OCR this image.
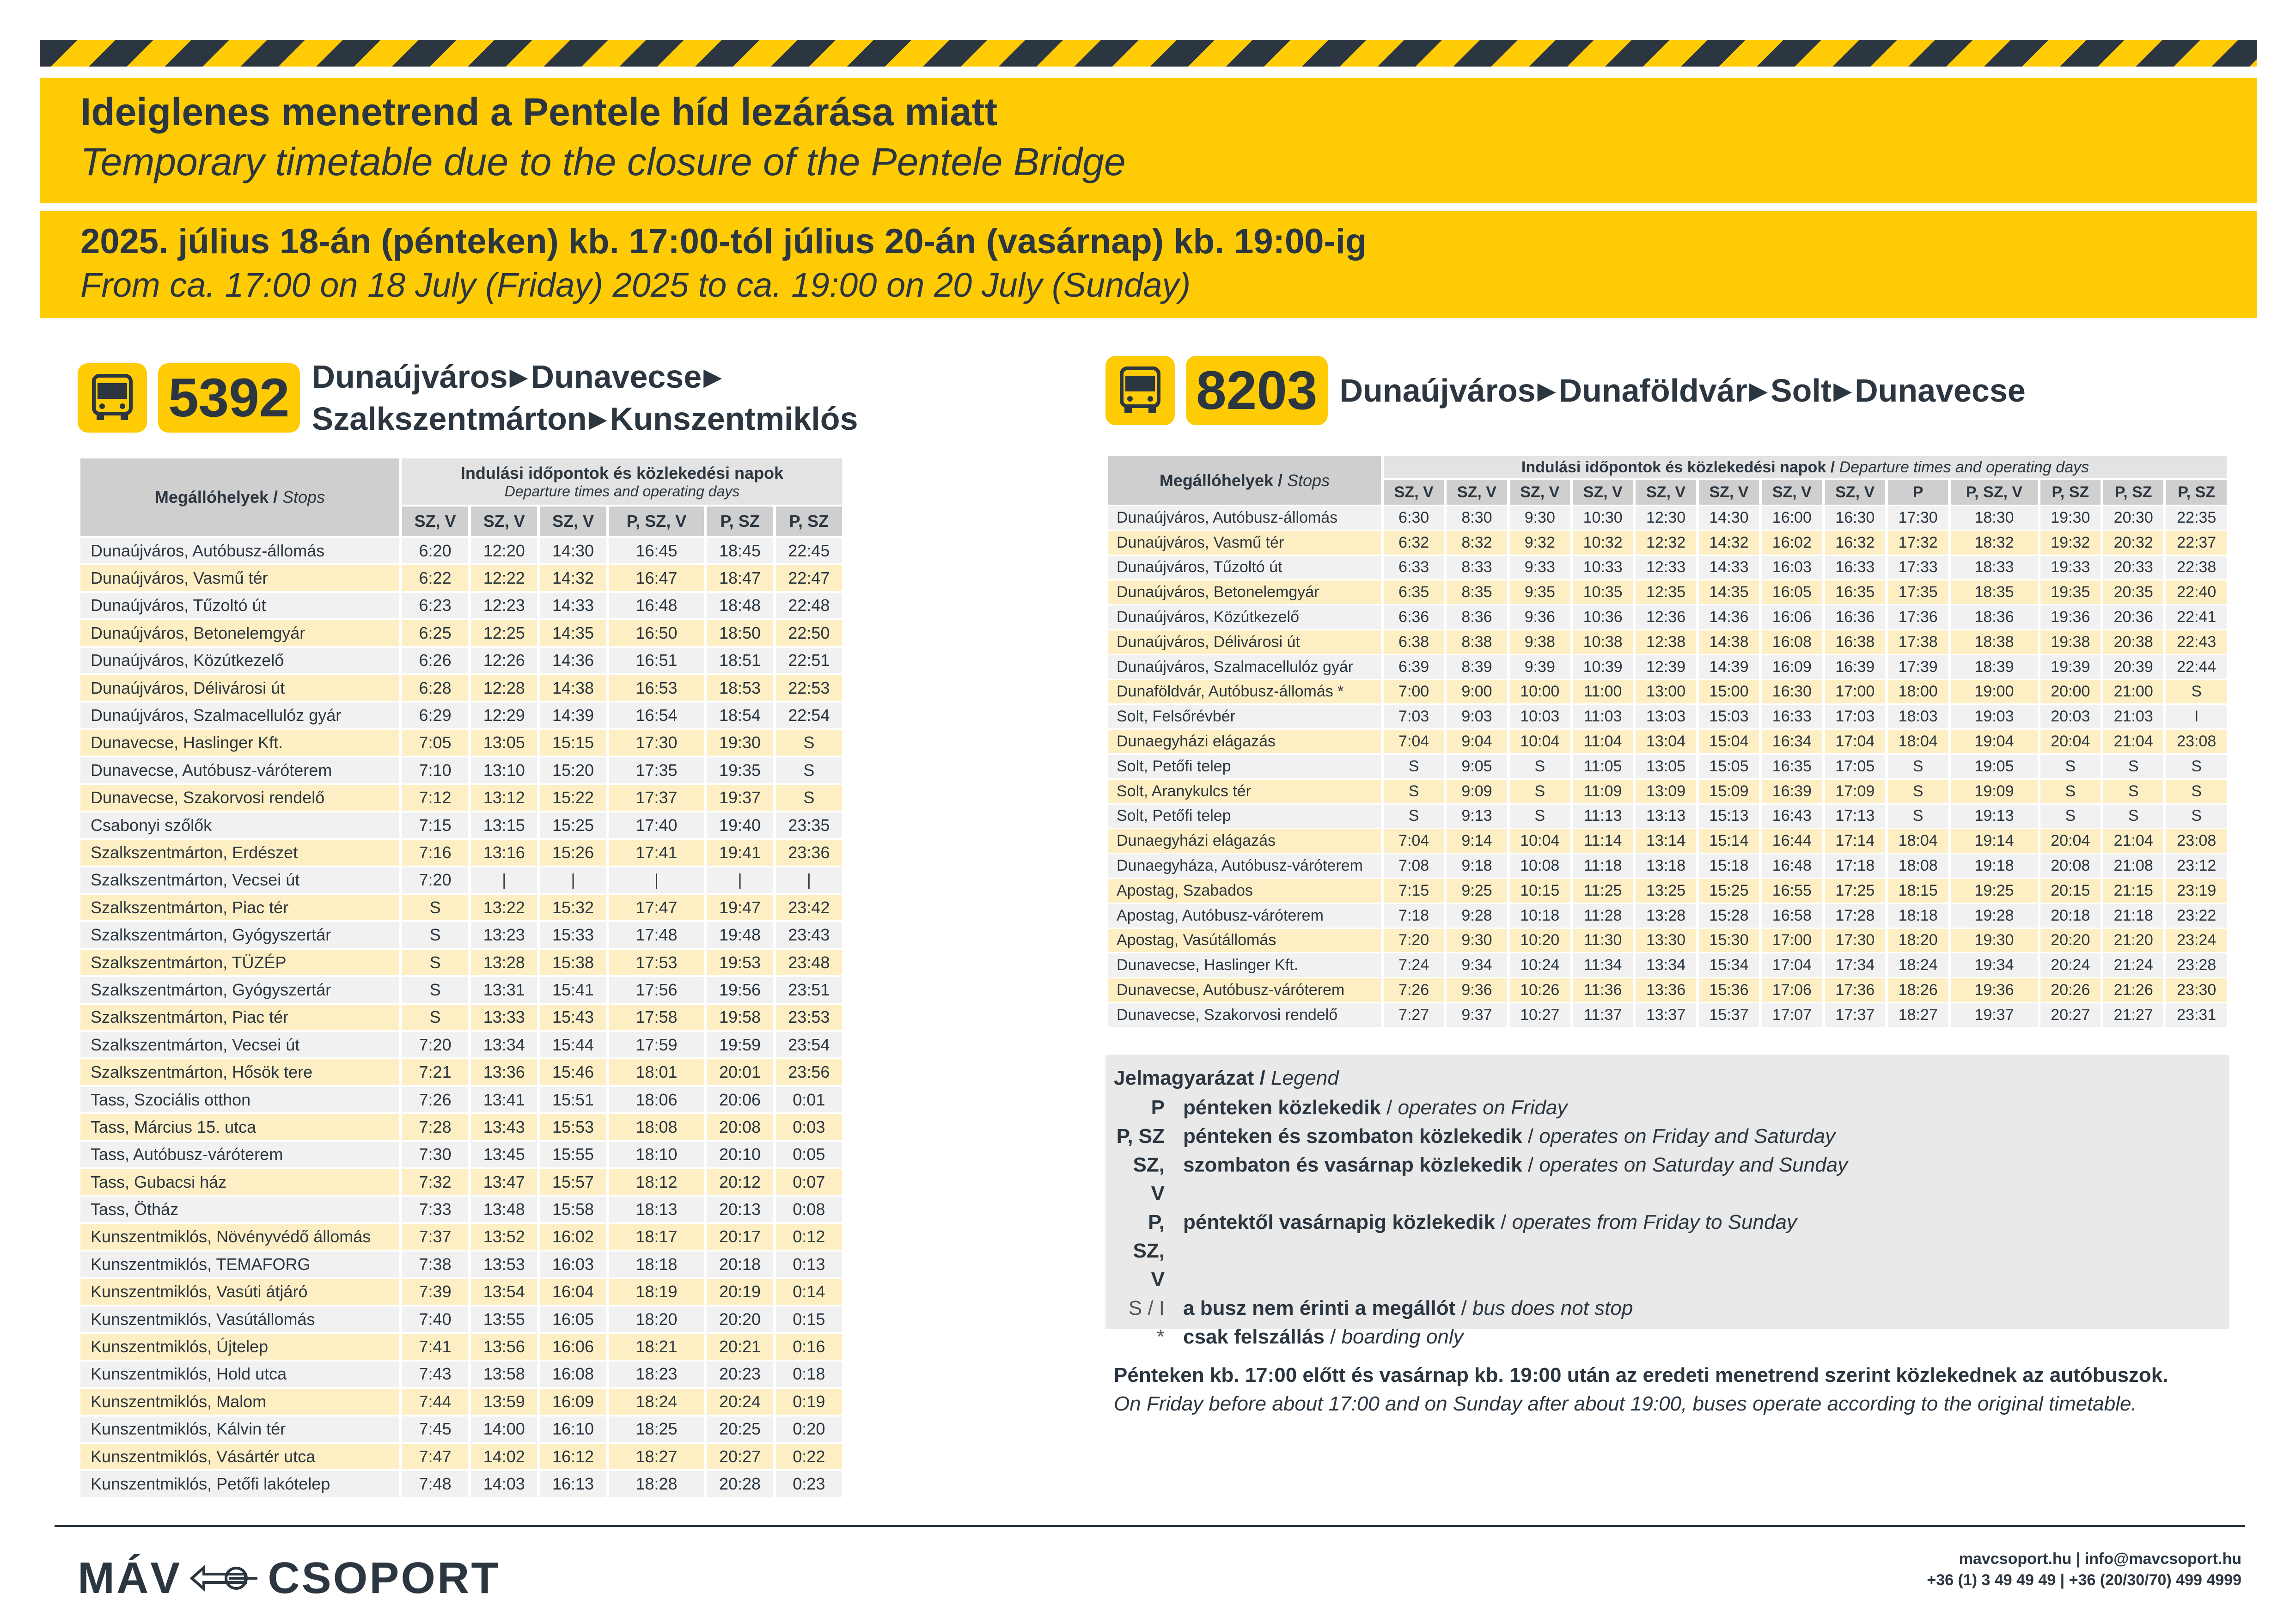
Ideiglenes menetrend a Pentele híd lezárása miatt
Temporary timetable due to the closure of the Pentele Bridge
2025. július 18-án (pénteken) kb. 17:00-tól július 20-án (vasárnap) kb. 19:00-ig
From ca. 17:00 on 18 July (Friday) 2025 to ca. 19:00 on 20 July (Sunday)
5392 Dunaújváros▶Dunavecse▶
Szalkszentmárton▶Kunszentmiklós	8203 Dunaújváros▶Dunaföldvár▶Solt▶Dunavecse
Megállóhelyek / Stops	Indulási időpontok és közlekedési napok
Departure times and operating days					

	SZ, V	SZ, V	SZ, V	P, SZ, V	P, SZ	P, SZ
Dunaújváros, Autóbusz-állomás	6:20	12:20	14:30	16:45	18:45	22:45
Dunaújváros, Vasmű tér	6:22	12:22	14:32	16:47	18:47	22:47
Dunaújváros, Tűzoltó út	6:23	12:23	14:33	16:48	18:48	22:48
Dunaújváros, Betonelemgyár	6:25	12:25	14:35	16:50	18:50	22:50
Dunaújváros, Közútkezelő	6:26	12:26	14:36	16:51	18:51	22:51
Dunaújváros, Délivárosi út	6:28	12:28	14:38	16:53	18:53	22:53
Dunaújváros, Szalmacellulóz gyár	6:29	12:29	14:39	16:54	18:54	22:54
Dunavecse, Haslinger Kft.	7:05	13:05	15:15	17:30	19:30	S
Dunavecse, Autóbusz-váróterem	7:10	13:10	15:20	17:35	19:35	S
Dunavecse, Szakorvosi rendelő	7:12	13:12	15:22	17:37	19:37	S
Csabonyi szőlők	7:15	13:15	15:25	17:40	19:40	23:35
Szalkszentmárton, Erdészet	7:16	13:16	15:26	17:41	19:41	23:36
Szalkszentmárton, Vecsei út	7:20	|	|	|	|	|
Szalkszentmárton, Piac tér	S	13:22	15:32	17:47	19:47	23:42
Szalkszentmárton, Gyógyszertár	S	13:23	15:33	17:48	19:48	23:43
Szalkszentmárton, TÜZÉP	S	13:28	15:38	17:53	19:53	23:48
Szalkszentmárton, Gyógyszertár	S	13:31	15:41	17:56	19:56	23:51
Szalkszentmárton, Piac tér	S	13:33	15:43	17:58	19:58	23:53
Szalkszentmárton, Vecsei út	7:20	13:34	15:44	17:59	19:59	23:54
Szalkszentmárton, Hősök tere	7:21	13:36	15:46	18:01	20:01	23:56
Tass, Szociális otthon	7:26	13:41	15:51	18:06	20:06	0:01
Tass, Március 15. utca	7:28	13:43	15:53	18:08	20:08	0:03
Tass, Autóbusz-váróterem	7:30	13:45	15:55	18:10	20:10	0:05
Tass, Gubacsi ház	7:32	13:47	15:57	18:12	20:12	0:07
Tass, Ötház	7:33	13:48	15:58	18:13	20:13	0:08
Kunszentmiklós, Növényvédő állomás	7:37	13:52	16:02	18:17	20:17	0:12
Kunszentmiklós, TEMAFORG	7:38	13:53	16:03	18:18	20:18	0:13
Kunszentmiklós, Vasúti átjáró	7:39	13:54	16:04	18:19	20:19	0:14
Kunszentmiklós, Vasútállomás	7:40	13:55	16:05	18:20	20:20	0:15
Kunszentmiklós, Újtelep	7:41	13:56	16:06	18:21	20:21	0:16
Kunszentmiklós, Hold utca	7:43	13:58	16:08	18:23	20:23	0:18
Kunszentmiklós, Malom	7:44	13:59	16:09	18:24	20:24	0:19
Kunszentmiklós, Kálvin tér	7:45	14:00	16:10	18:25	20:25	0:20
Kunszentmiklós, Vásártér utca	7:47	14:02	16:12	18:27	20:27	0:22
Kunszentmiklós, Petőfi lakótelep	7:48	14:03	16:13	18:28	20:28	0:23
Megállóhelyek / Stops	Indulási időpontok és közlekedési napok / Departure times and operating days												
	SZ, V	SZ, V	SZ, V	SZ, V	SZ, V	SZ, V	SZ, V	SZ, V	P	P, SZ, V	P, SZ	P, SZ	P, SZ
Dunaújváros, Autóbusz-állomás	6:30	8:30	9:30	10:30	12:30	14:30	16:00	16:30	17:30	18:30	19:30	20:30	22:35
Dunaújváros, Vasmű tér	6:32	8:32	9:32	10:32	12:32	14:32	16:02	16:32	17:32	18:32	19:32	20:32	22:37
Dunaújváros, Tűzoltó út	6:33	8:33	9:33	10:33	12:33	14:33	16:03	16:33	17:33	18:33	19:33	20:33	22:38
Dunaújváros, Betonelemgyár	6:35	8:35	9:35	10:35	12:35	14:35	16:05	16:35	17:35	18:35	19:35	20:35	22:40
Dunaújváros, Közútkezelő	6:36	8:36	9:36	10:36	12:36	14:36	16:06	16:36	17:36	18:36	19:36	20:36	22:41
Dunaújváros, Délivárosi út	6:38	8:38	9:38	10:38	12:38	14:38	16:08	16:38	17:38	18:38	19:38	20:38	22:43
Dunaújváros, Szalmacellulóz gyár	6:39	8:39	9:39	10:39	12:39	14:39	16:09	16:39	17:39	18:39	19:39	20:39	22:44
Dunaföldvár, Autóbusz-állomás *	7:00	9:00	10:00	11:00	13:00	15:00	16:30	17:00	18:00	19:00	20:00	21:00	S
Solt, Felsőrévbér	7:03	9:03	10:03	11:03	13:03	15:03	16:33	17:03	18:03	19:03	20:03	21:03	I
Dunaegyházi elágazás	7:04	9:04	10:04	11:04	13:04	15:04	16:34	17:04	18:04	19:04	20:04	21:04	23:08
Solt, Petőfi telep	S	9:05	S	11:05	13:05	15:05	16:35	17:05	S	19:05	S	S	S
Solt, Aranykulcs tér	S	9:09	S	11:09	13:09	15:09	16:39	17:09	S	19:09	S	S	S
Solt, Petőfi telep	S	9:13	S	11:13	13:13	15:13	16:43	17:13	S	19:13	S	S	S
Dunaegyházi elágazás	7:04	9:14	10:04	11:14	13:14	15:14	16:44	17:14	18:04	19:14	20:04	21:04	23:08
Dunaegyháza, Autóbusz-váróterem	7:08	9:18	10:08	11:18	13:18	15:18	16:48	17:18	18:08	19:18	20:08	21:08	23:12
Apostag, Szabados	7:15	9:25	10:15	11:25	13:25	15:25	16:55	17:25	18:15	19:25	20:15	21:15	23:19
Apostag, Autóbusz-váróterem	7:18	9:28	10:18	11:28	13:28	15:28	16:58	17:28	18:18	19:28	20:18	21:18	23:22
Apostag, Vasútállomás	7:20	9:30	10:20	11:30	13:30	15:30	17:00	17:30	18:20	19:30	20:20	21:20	23:24
Dunavecse, Haslinger Kft.	7:24	9:34	10:24	11:34	13:34	15:34	17:04	17:34	18:24	19:34	20:24	21:24	23:28
Dunavecse, Autóbusz-váróterem	7:26	9:36	10:26	11:36	13:36	15:36	17:06	17:36	18:26	19:36	20:26	21:26	23:30
Dunavecse, Szakorvosi rendelő	7:27	9:37	10:27	11:37	13:37	15:37	17:07	17:37	18:27	19:37	20:27	21:27	23:31
Jelmagyarázat / Legend
P pénteken közlekedik / operates on Friday
P, SZ pénteken és szombaton közlekedik / operates on Friday and Saturday
SZ, V
szombaton és vasárnap közlekedik / operates on Saturday and Sunday
P, SZ, V
péntektől vasárnapig közlekedik / operates from Friday to Sunday
S / I a busz nem érinti a megállót / bus does not stop
* csak felszállás / boarding only
Pénteken kb. 17:00 előtt és vasárnap kb. 19:00 után az eredeti menetrend szerint közlekednek az autóbuszok.
On Friday before about 17:00 and on Sunday after about 19:00, buses operate according to the original timetable.
MÁV CSOPORT	mavcsoport.hu | info@mavcsoport.hu
+36 (1) 3 49 49 49 | +36 (20/30/70) 499 4999
